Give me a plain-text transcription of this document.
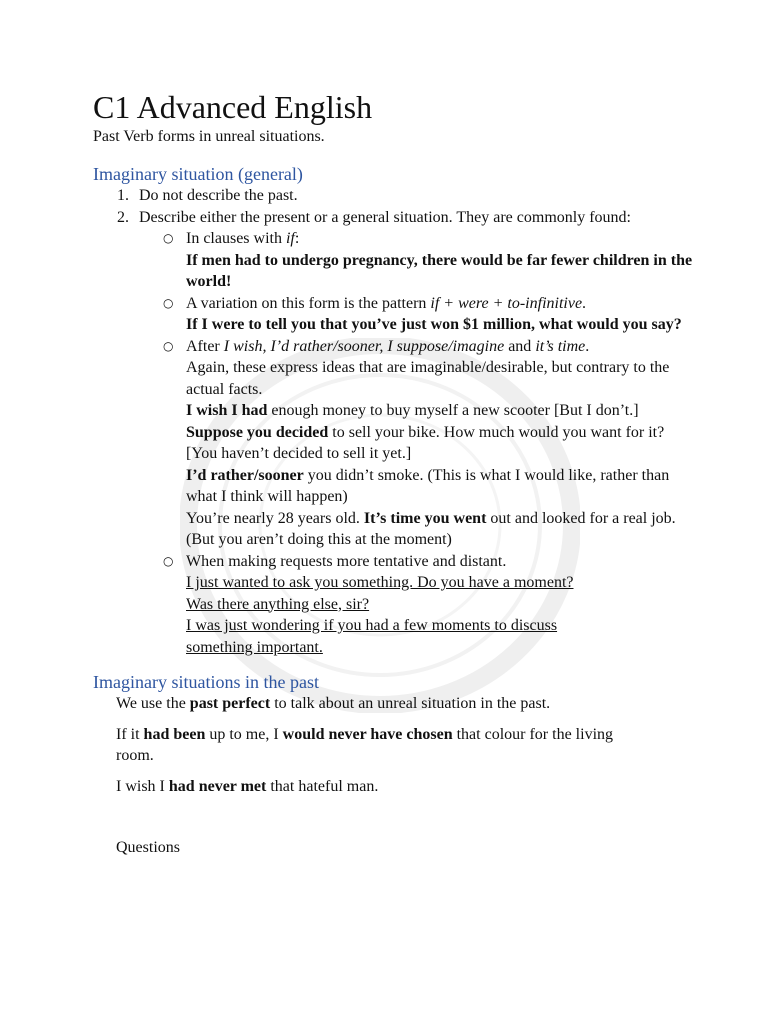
C1 Advanced English

Past Verb forms in unreal situations.

Imaginary situation (general)
1. Do not describe the past.
2. Describe either the present or a general situation. They are commonly found:
○ In clauses with if:

If men had to undergo pregnancy, there would be far fewer children in the world!

○ A variation on this form is the pattern if + were + to-infinitive.

If I were to tell you that you’ve just won $1 million, what would you say?

○ After I wish, I’d rather/sooner, I suppose/imagine and it’s time.

Again, these express ideas that are imaginable/desirable, but contrary to the actual facts.

I wish I had enough money to buy myself a new scooter [But I don’t.]

Suppose you decided to sell your bike. How much would you want for it? [You haven’t decided to sell it yet.]

I’d rather/sooner you didn’t smoke. (This is what I would like, rather than what I think will happen)

You’re nearly 28 years old. It’s time you went out and looked for a real job. (But you aren’t doing this at the moment)

○ When making requests more tentative and distant.

I just wanted to ask you something. Do you have a moment?

Was there anything else, sir?

I was just wondering if you had a few moments to discuss something important.

Imaginary situations in the past

We use the past perfect to talk about an unreal situation in the past.

If it had been up to me, I would never have chosen that colour for the living room.

I wish I had never met that hateful man.

Questions
